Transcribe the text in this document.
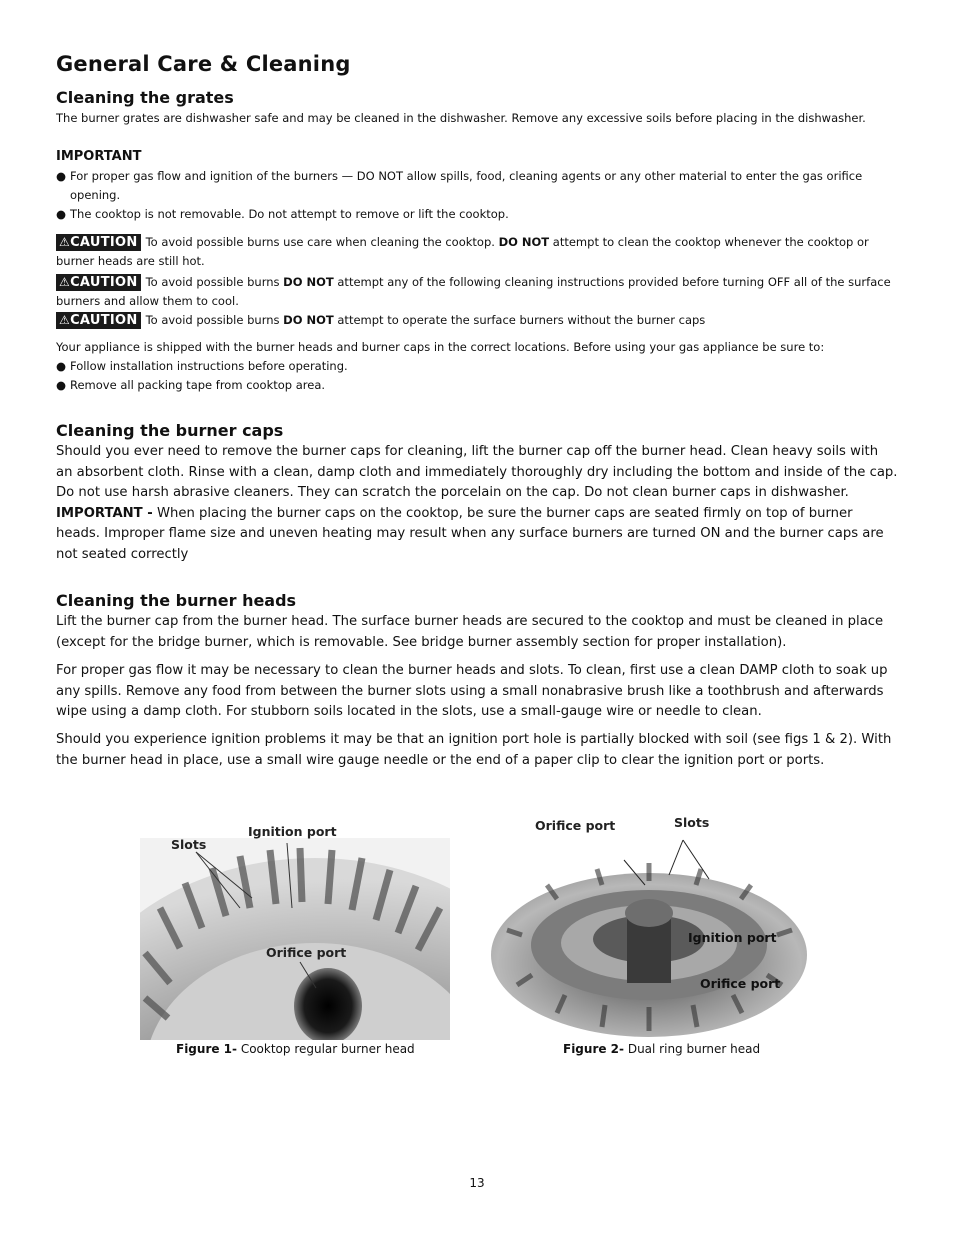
General Care & Cleaning
Cleaning the grates
The burner grates are dishwasher safe and may be cleaned in the dishwasher. Remove any excessive soils before placing in the dishwasher.
IMPORTANT
● For proper gas flow and ignition of the burners — DO NOT allow spills, food, cleaning agents or any other material to enter the gas orifice opening.
● The cooktop is not removable. Do not attempt to remove or lift the cooktop.
⚠CAUTION To avoid possible burns use care when cleaning the cooktop. DO NOT attempt to clean the cooktop whenever the cooktop or burner heads are still hot.
⚠CAUTION To avoid possible burns DO NOT attempt any of the following cleaning instructions provided before turning OFF all of the surface burners and allow them to cool.
⚠CAUTION To avoid possible burns DO NOT attempt to operate the surface burners without the burner caps
Your appliance is shipped with the burner heads and burner caps in the correct locations. Before using your gas appliance be sure to:
● Follow installation instructions before operating.
● Remove all packing tape from cooktop area.
Cleaning the burner caps
Should you ever need to remove the burner caps for cleaning, lift the burner cap off the burner head. Clean heavy soils with an absorbent cloth. Rinse with a clean, damp cloth and immediately thoroughly dry including the bottom and inside of the cap. Do not use harsh abrasive cleaners. They can scratch the porcelain on the cap. Do not clean burner caps in dishwasher. IMPORTANT - When placing the burner caps on the cooktop, be sure the burner caps are seated firmly on top of burner heads. Improper flame size and uneven heating may result when any surface burners are turned ON and the burner caps are not seated correctly
Cleaning the burner heads
Lift the burner cap from the burner head. The surface burner heads are secured to the cooktop and must be cleaned in place (except for the bridge burner, which is removable. See bridge burner assembly section for proper installation).
For proper gas flow it may be necessary to clean the burner heads and slots. To clean, first use a clean DAMP cloth to soak up any spills. Remove any food from between the burner slots using a small nonabrasive brush like a toothbrush and afterwards wipe using a damp cloth. For stubborn soils located in the slots, use a small-gauge wire or needle to clean.
Should you experience ignition problems it may be that an ignition port hole is partially blocked with soil (see figs 1 & 2). With the burner head in place, use a small wire gauge needle or the end of a paper clip to clear the ignition port or ports.
Slots
Ignition port
Orifice port
Figure 1- Cooktop regular burner head
Orifice port	Slots
Ignition port
Orifice port
Figure 2- Dual ring burner head
13
